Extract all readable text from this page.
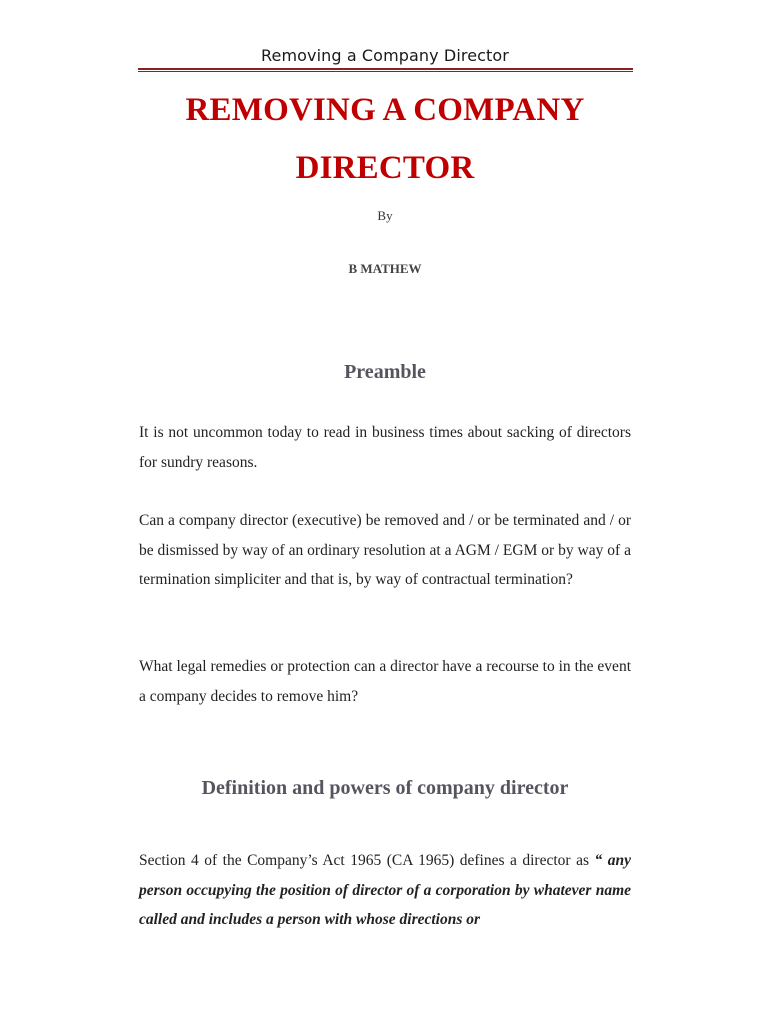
Removing a Company Director
REMOVING A COMPANY
DIRECTOR
By
B MATHEW
Preamble
It is not uncommon today to read in business times about sacking of directors for sundry reasons.
Can a company director (executive) be removed and / or be terminated and / or be dismissed by way of an ordinary resolution at a AGM / EGM or by way of a termination simpliciter and that is, by way of contractual termination?
What legal remedies or protection can a director have a recourse to in the event a company decides to remove him?
Definition and powers of company director
Section 4 of the Company’s Act 1965 (CA 1965) defines a director as “ any person occupying the position of director of a corporation by whatever name called and includes a person with whose directions or
